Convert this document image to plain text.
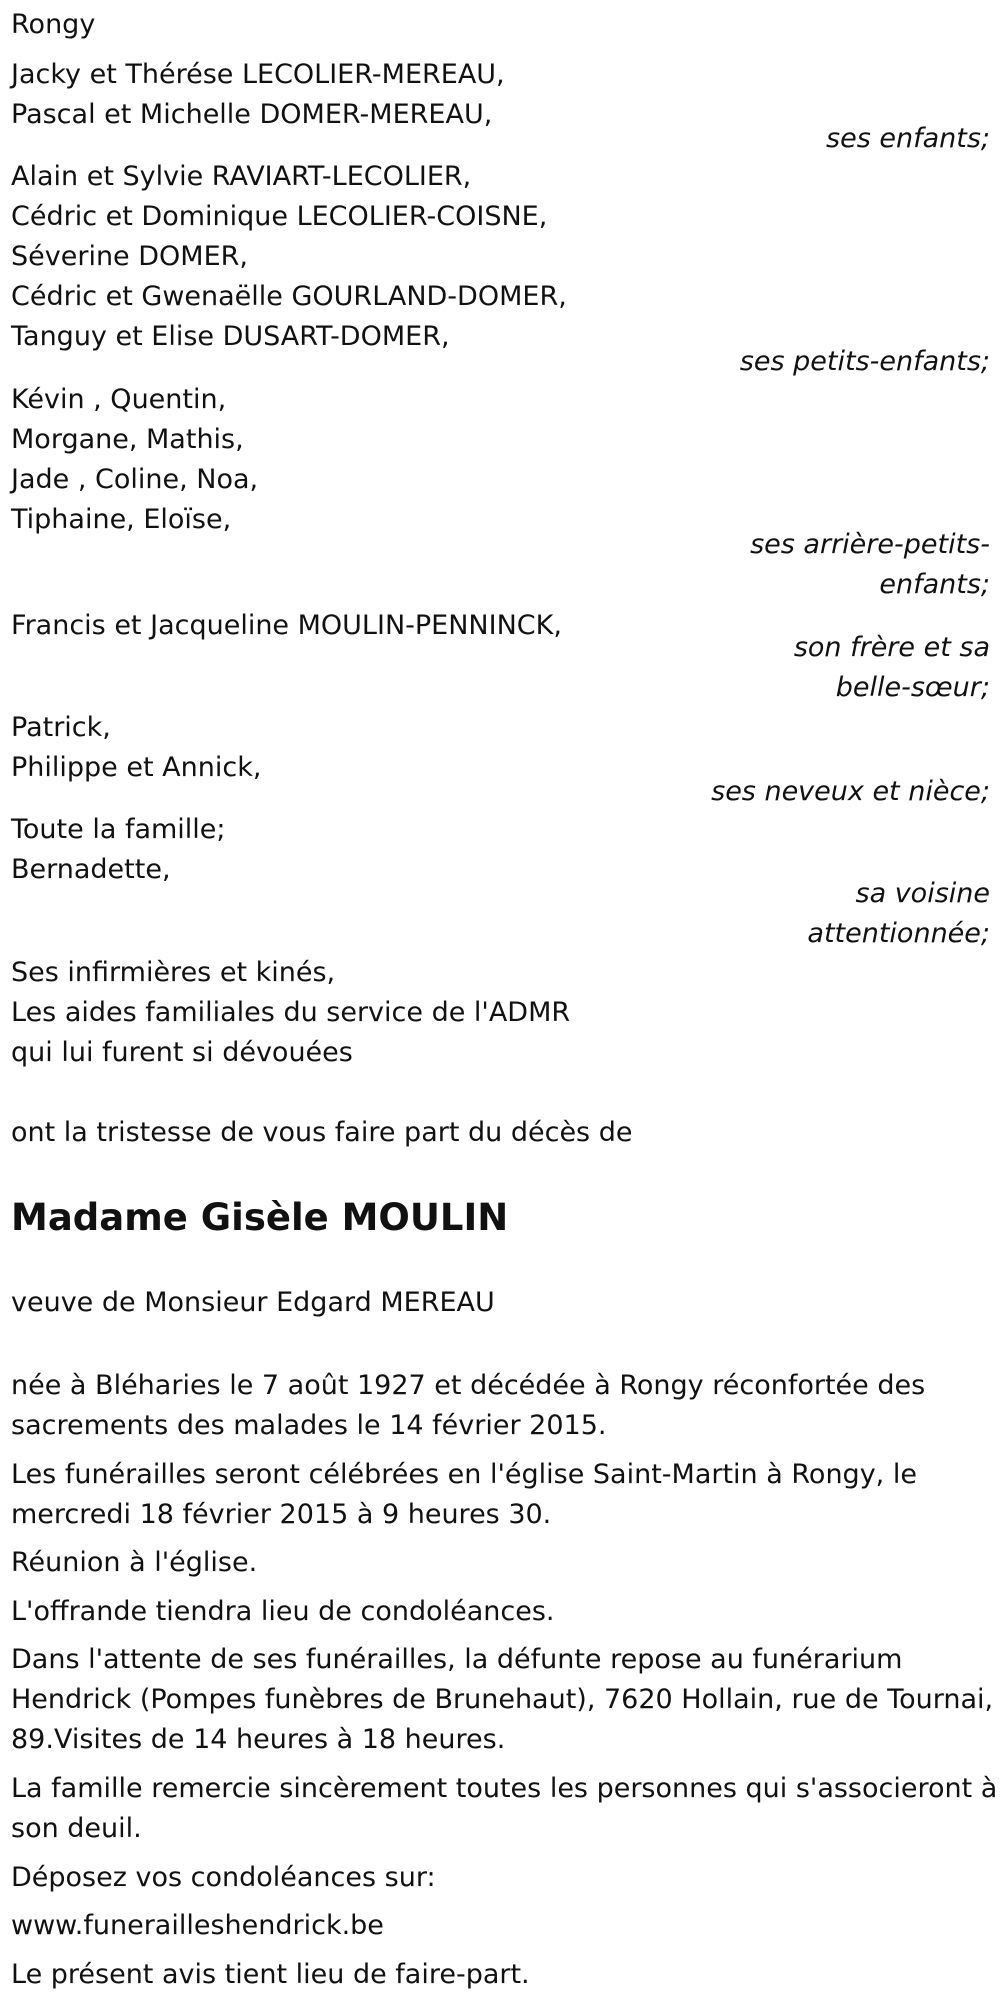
Rongy

Jacky et Thérése LECOLIER-MEREAU,

Pascal et Michelle DOMER-MEREAU,

ses enfants;

Alain et Sylvie RAVIART-LECOLIER,

Cédric et Dominique LECOLIER-COISNE,

Séverine DOMER,

Cédric et Gwenaëlle GOURLAND-DOMER,

Tanguy et Elise DUSART-DOMER,

ses petits-enfants;

Kévin , Quentin,

Morgane, Mathis,

Jade , Coline, Noa,

Tiphaine, Eloïse,

ses arrière-petits-

enfants;

Francis et Jacqueline MOULIN-PENNINCK,

son frère et sa

belle-sœur;

Patrick,

Philippe et Annick,

ses neveux et nièce;

Toute la famille;

Bernadette,

sa voisine

attentionnée;

Ses infirmières et kinés,

Les aides familiales du service de l'ADMR

qui lui furent si dévouées

ont la tristesse de vous faire part du décès de

Madame Gisèle MOULIN

veuve de Monsieur Edgard MEREAU

née à Bléharies le 7 août 1927 et décédée à Rongy réconfortée des

sacrements des malades le 14 février 2015.

Les funérailles seront célébrées en l'église Saint-Martin à Rongy, le

mercredi 18 février 2015 à 9 heures 30.

Réunion à l'église.

L'offrande tiendra lieu de condoléances.

Dans l'attente de ses funérailles, la défunte repose au funérarium

Hendrick (Pompes funèbres de Brunehaut), 7620 Hollain, rue de Tournai,

89.Visites de 14 heures à 18 heures.

La famille remercie sincèrement toutes les personnes qui s'associeront à

son deuil.

Déposez vos condoléances sur:

www.funerailleshendrick.be

Le présent avis tient lieu de faire-part.
